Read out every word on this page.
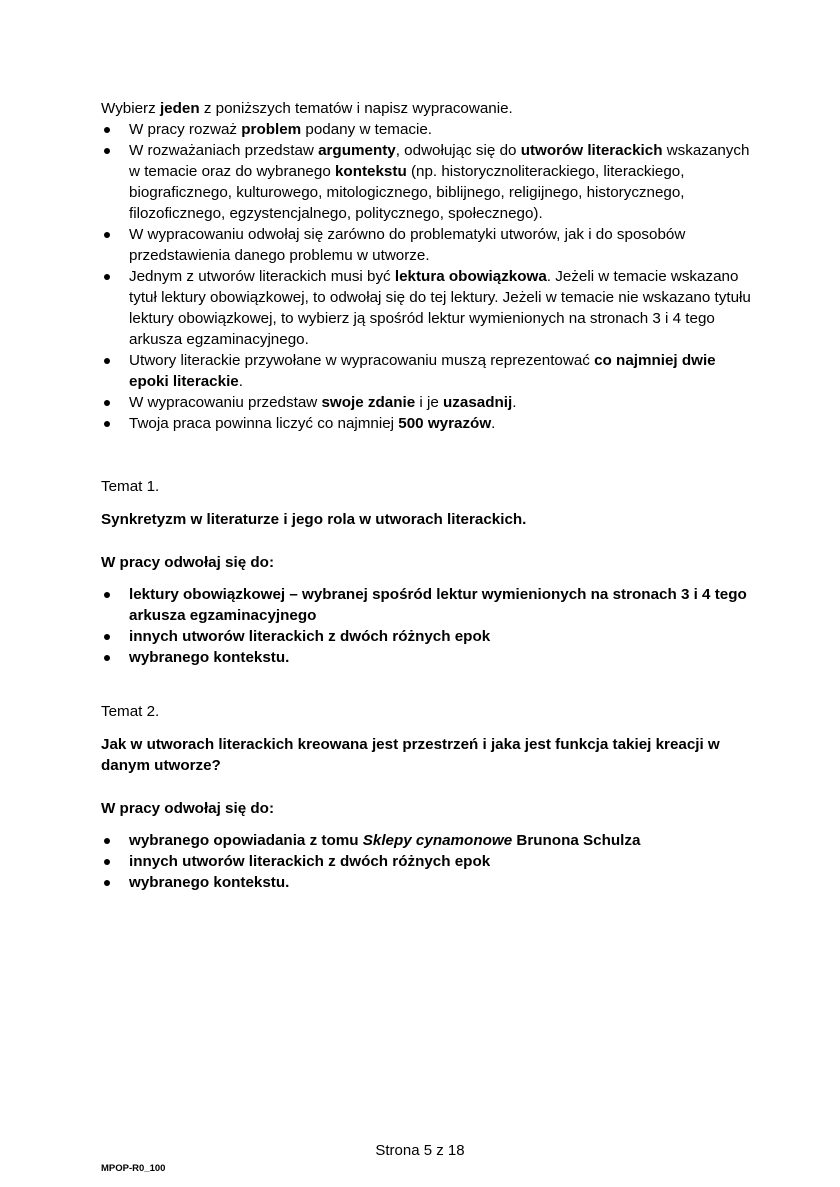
Wybierz jeden z poniższych tematów i napisz wypracowanie.

W pracy rozważ problem podany w temacie.
W rozważaniach przedstaw argumenty, odwołując się do utworów literackich wskazanych w temacie oraz do wybranego kontekstu (np. historycznoliterackiego, literackiego, biograficznego, kulturowego, mitologicznego, biblijnego, religijnego, historycznego, filozoficznego, egzystencjalnego, politycznego, społecznego).
W wypracowaniu odwołaj się zarówno do problematyki utworów, jak i do sposobów przedstawienia danego problemu w utworze.
Jednym z utworów literackich musi być lektura obowiązkowa. Jeżeli w temacie wskazano tytuł lektury obowiązkowej, to odwołaj się do tej lektury. Jeżeli w temacie nie wskazano tytułu lektury obowiązkowej, to wybierz ją spośród lektur wymienionych na stronach 3 i 4 tego arkusza egzaminacyjnego.
Utwory literackie przywołane w wypracowaniu muszą reprezentować co najmniej dwie epoki literackie.
W wypracowaniu przedstaw swoje zdanie i je uzasadnij.
Twoja praca powinna liczyć co najmniej 500 wyrazów.

Temat 1.

Synkretyzm w literaturze i jego rola w utworach literackich.

W pracy odwołaj się do:

lektury obowiązkowej – wybranej spośród lektur wymienionych na stronach 3 i 4 tego arkusza egzaminacyjnego
innych utworów literackich z dwóch różnych epok
wybranego kontekstu.

Temat 2.

Jak w utworach literackich kreowana jest przestrzeń i jaka jest funkcja takiej kreacji w danym utworze?

W pracy odwołaj się do:

wybranego opowiadania z tomu Sklepy cynamonowe Brunona Schulza
innych utworów literackich z dwóch różnych epok
wybranego kontekstu.
Strona 5 z 18
MPOP-R0_100
